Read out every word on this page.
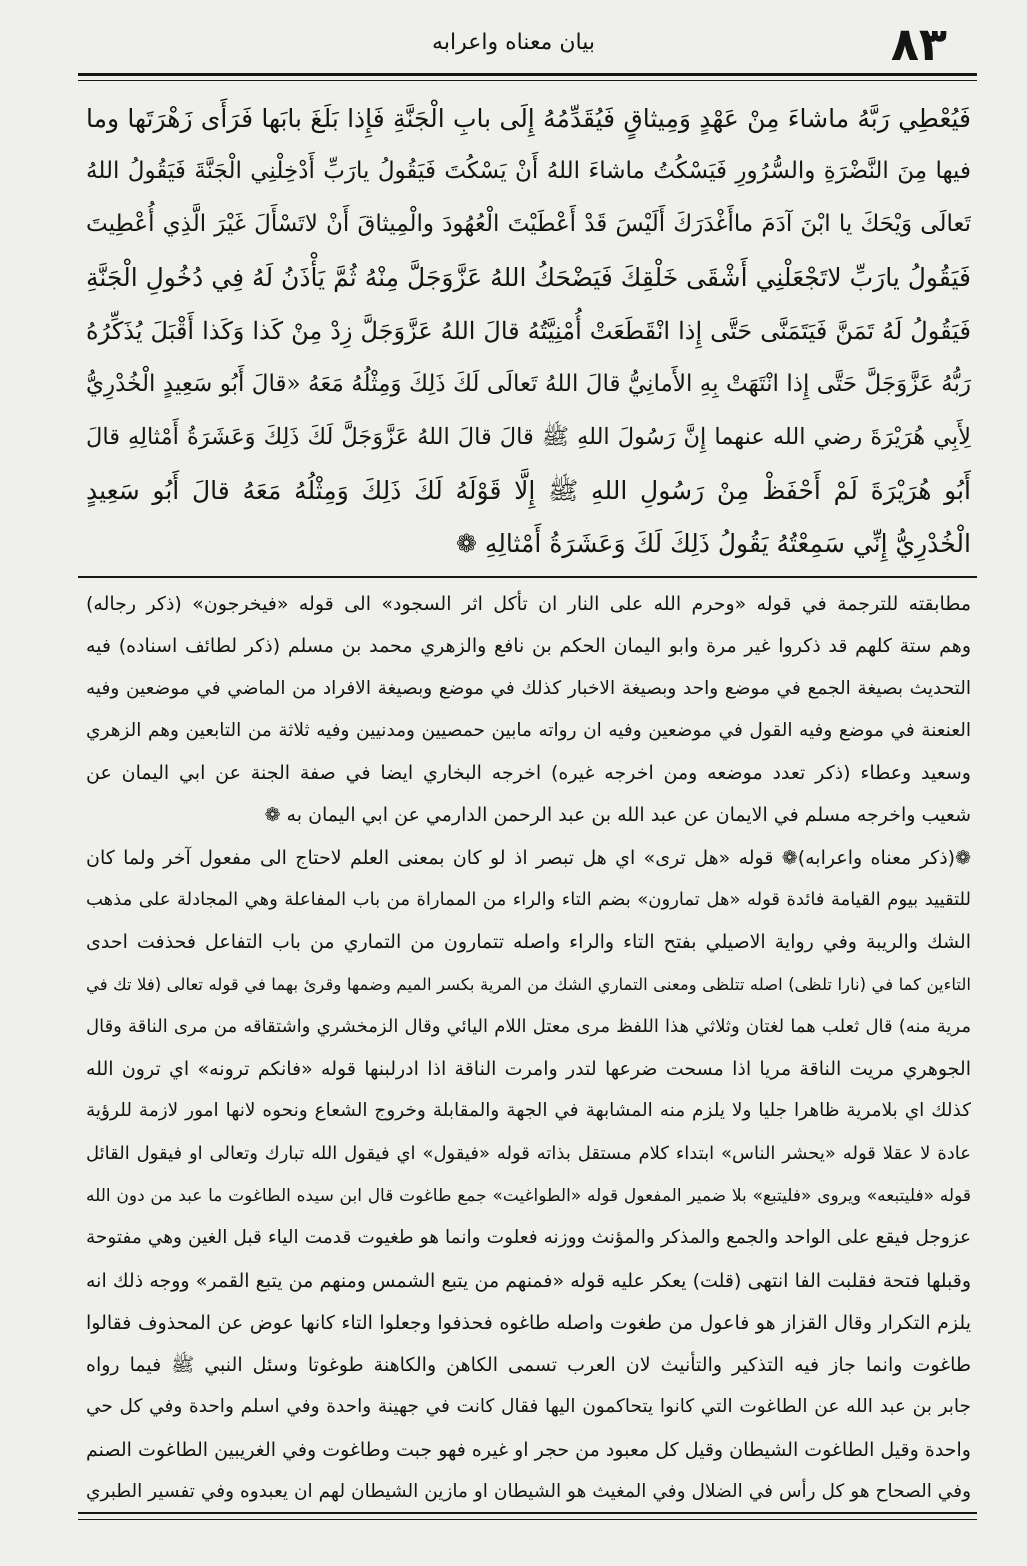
٨٣
بيان معناه واعرابه
فَيُعْطِي رَبَّهُ ماشاءَ مِنْ عَهْدٍ وَمِيثاقٍ فَيُقَدِّمُهُ إِلَى بابِ الْجَنَّةِ فَإِذا بَلَغَ بابَها فَرَأَى زَهْرَتَها وما
فيها مِنَ النَّضْرَةِ والسُّرُورِ فَيَسْكُتُ ماشاءَ اللهُ أَنْ يَسْكُتَ فَيَقُولُ يارَبِّ أَدْخِلْنِي الْجَنَّةَ فَيَقُولُ اللهُ
تَعالَى وَيْحَكَ يا ابْنَ آدَمَ ماأَغْدَرَكَ أَلَيْسَ قَدْ أَعْطَيْتَ الْعُهُودَ والْمِيثاقَ أَنْ لاتَسْأَلَ غَيْرَ الَّذِي أُعْطِيتَ
فَيَقُولُ يارَبِّ لاتَجْعَلْنِي أَشْقَى خَلْقِكَ فَيَضْحَكُ اللهُ عَزَّوَجَلَّ مِنْهُ ثُمَّ يَأْذَنُ لَهُ فِي دُخُولِ الْجَنَّةِ
فَيَقُولُ لَهُ تَمَنَّ فَيَتَمَنَّى حَتَّى إِذا انْقَطَعَتْ أُمْنِيَّتُهُ قالَ اللهُ عَزَّوَجَلَّ زِدْ مِنْ كَذا وَكَذا أَقْبَلَ يُذَكِّرُهُ
رَبُّهُ عَزَّوَجَلَّ حَتَّى إِذا انْتَهَتْ بِهِ الأَمانِيُّ قالَ اللهُ تَعالَى لَكَ ذَلِكَ وَمِثْلُهُ مَعَهُ «قالَ أَبُو سَعِيدٍ الْخُدْرِيُّ
لِأَبِي هُرَيْرَةَ رضي الله عنهما إِنَّ رَسُولَ اللهِ ﷺ قالَ قالَ اللهُ عَزَّوَجَلَّ لَكَ ذَلِكَ وَعَشَرَةُ أَمْثالِهِ قالَ
أَبُو هُرَيْرَةَ لَمْ أَحْفَظْ مِنْ رَسُولِ اللهِ ﷺ إِلَّا قَوْلَهُ لَكَ ذَلِكَ وَمِثْلُهُ مَعَهُ قالَ أَبُو سَعِيدٍ
الْخُدْرِيُّ إِنِّي سَمِعْتُهُ يَقُولُ ذَلِكَ لَكَ وَعَشَرَةُ أَمْثالِهِ ❁
مطابقته للترجمة في قوله «وحرم الله على النار ان تأكل اثر السجود» الى قوله «فيخرجون» (ذكر رجاله)
وهم ستة كلهم قد ذكروا غير مرة وابو اليمان الحكم بن نافع والزهري محمد بن مسلم (ذكر لطائف اسناده) فيه
التحديث بصيغة الجمع في موضع واحد وبصيغة الاخبار كذلك في موضع وبصيغة الافراد من الماضي في موضعين وفيه
العنعنة في موضع وفيه القول في موضعين وفيه ان رواته مابين حمصيين ومدنيين وفيه ثلاثة من التابعين وهم الزهري
وسعيد وعطاء (ذكر تعدد موضعه ومن اخرجه غيره) اخرجه البخاري ايضا في صفة الجنة عن ابي اليمان عن
شعيب واخرجه مسلم في الايمان عن عبد الله بن عبد الرحمن الدارمي عن ابي اليمان به ❁
❁(ذكر معناه واعرابه)❁ قوله «هل ترى» اي هل تبصر اذ لو كان بمعنى العلم لاحتاج الى مفعول آخر ولما كان
للتقييد بيوم القيامة فائدة قوله «هل تمارون» بضم التاء والراء من المماراة من باب المفاعلة وهي المجادلة على مذهب
الشك والريبة وفي رواية الاصيلي بفتح التاء والراء واصله تتمارون من التماري من باب التفاعل فحذفت احدى
التاءين كما في (نارا تلظى) اصله تتلظى ومعنى التماري الشك من المرية بكسر الميم وضمها وقرئ بهما في قوله تعالى (فلا تك في
مرية منه) قال ثعلب هما لغتان وثلاثي هذا اللفظ مرى معتل اللام اليائي وقال الزمخشري واشتقاقه من مرى الناقة وقال
الجوهري مريت الناقة مريا اذا مسحت ضرعها لتدر وامرت الناقة اذا ادرلبنها قوله «فانكم ترونه» اي ترون الله
كذلك اي بلامرية ظاهرا جليا ولا يلزم منه المشابهة في الجهة والمقابلة وخروج الشعاع ونحوه لانها امور لازمة للرؤية
عادة لا عقلا قوله «يحشر الناس» ابتداء كلام مستقل بذاته قوله «فيقول» اي فيقول الله تبارك وتعالى او فيقول القائل
قوله «فليتبعه» ويروى «فليتبع» بلا ضمير المفعول قوله «الطواغيت» جمع طاغوت قال ابن سيده الطاغوت ما عبد من دون الله
عزوجل فيقع على الواحد والجمع والمذكر والمؤنث ووزنه فعلوت وانما هو طغيوت قدمت الياء قبل الغين وهي مفتوحة
وقبلها فتحة فقلبت الفا انتهى (قلت) يعكر عليه قوله «فمنهم من يتبع الشمس ومنهم من يتبع القمر» ووجه ذلك انه
يلزم التكرار وقال القزاز هو فاعول من طغوت واصله طاغوه فحذفوا وجعلوا التاء كانها عوض عن المحذوف فقالوا
طاغوت وانما جاز فيه التذكير والتأنيث لان العرب تسمى الكاهن والكاهنة طوغوتا وسئل النبي ﷺ فيما رواه
جابر بن عبد الله عن الطاغوت التي كانوا يتحاكمون اليها فقال كانت في جهينة واحدة وفي اسلم واحدة وفي كل حي
واحدة وقيل الطاغوت الشيطان وقيل كل معبود من حجر او غيره فهو جبت وطاغوت وفي الغريبين الطاغوت الصنم
وفي الصحاح هو كل رأس في الضلال وفي المغيث هو الشيطان او مازين الشيطان لهم ان يعبدوه وفي تفسير الطبري
